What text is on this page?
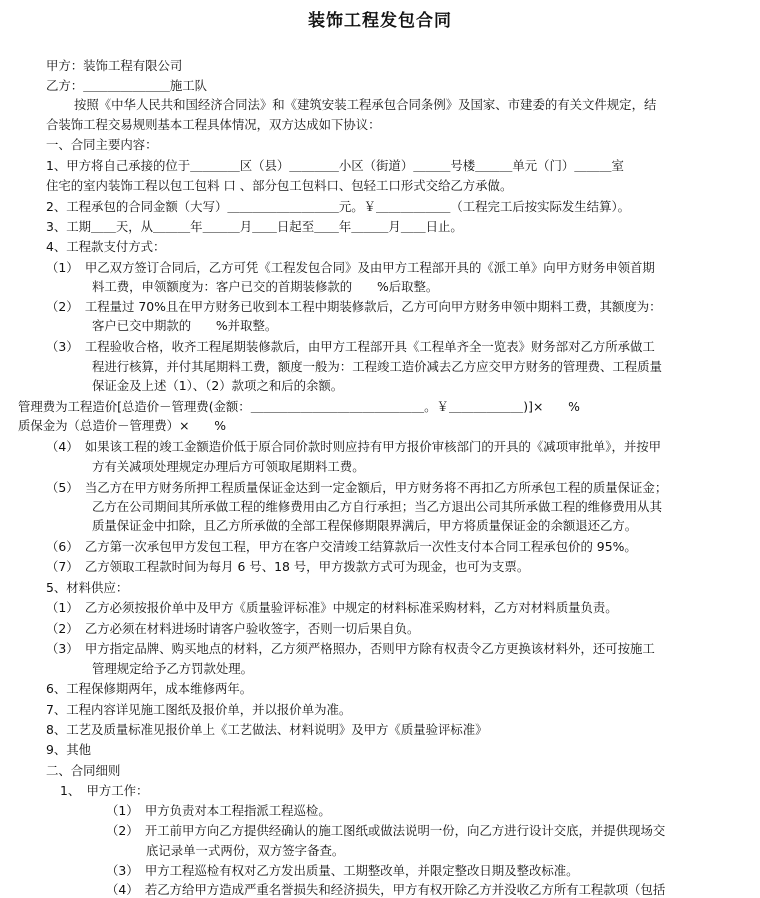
装饰工程发包合同
甲方：装饰工程有限公司
乙方：＿＿＿＿＿＿＿施工队
按照《中华人民共和国经济合同法》和《建筑安装工程承包合同条例》及国家、市建委的有关文件规定，结
合装饰工程交易规则基本工程具体情况，双方达成如下协议：
一、合同主要内容：
1、甲方将自己承接的位于＿＿＿＿区（县）＿＿＿＿小区（街道）＿＿＿号楼＿＿＿单元（门）＿＿＿室
住宅的室内装饰工程以包工包料 口 、部分包工包料口、包轻工口形式交给乙方承做。
2、工程承包的合同金额（大写）＿＿＿＿＿＿＿＿＿元。￥＿＿＿＿＿＿（工程完工后按实际发生结算）。
3、工期＿＿天，从＿＿＿年＿＿＿月＿＿日起至＿＿年＿＿＿月＿＿日止。
4、工程款支付方式：
（1）　甲乙双方签订合同后，乙方可凭《工程发包合同》及由甲方工程部开具的《派工单》向甲方财务申领首期
料工费，申领额度为：客户已交的首期装修款的　　%后取整。
（2）　工程量过 70%且在甲方财务已收到本工程中期装修款后，乙方可向甲方财务申领中期料工费，其额度为：
客户已交中期款的　　%并取整。
（3）　工程验收合格，收齐工程尾期装修款后，由甲方工程部开具《工程单齐全一览表》财务部对乙方所承做工
程进行核算，并付其尾期料工费，额度一般为：工程竣工造价减去乙方应交甲方财务的管理费、工程质量
保证金及上述（1）、（2）款项之和后的余额。
管理费为工程造价[总造价－管理费(金额：＿＿＿＿＿＿＿＿＿＿＿＿＿＿。￥＿＿＿＿＿＿)]×　　%
质保金为（总造价－管理费）×　　%
（4）　如果该工程的竣工金额造价低于原合同价款时则应持有甲方报价审核部门的开具的《减项审批单》，并按甲
方有关减项处理规定办理后方可领取尾期料工费。
（5）　当乙方在甲方财务所押工程质量保证金达到一定金额后，甲方财务将不再扣乙方所承包工程的质量保证金；
乙方在公司期间其所承做工程的维修费用由乙方自行承担；当乙方退出公司其所承做工程的维修费用从其
质量保证金中扣除，且乙方所承做的全部工程保修期限界满后，甲方将质量保证金的余额退还乙方。
（6）　乙方第一次承包甲方发包工程，甲方在客户交清竣工结算款后一次性支付本合同工程承包价的 95%。
（7）　乙方领取工程款时间为每月 6 号、18 号，甲方拨款方式可为现金，也可为支票。
5、材料供应：
（1）　乙方必须按报价单中及甲方《质量验评标准》中规定的材料标准采购材料，乙方对材料质量负责。
（2）　乙方必须在材料进场时请客户验收签字，否则一切后果自负。
（3）　甲方指定品牌、购买地点的材料，乙方须严格照办，否则甲方除有权责令乙方更换该材料外，还可按施工
管理规定给予乙方罚款处理。
6、工程保修期两年，成本维修两年。
7、工程内容详见施工图纸及报价单，并以报价单为准。
8、工艺及质量标准见报价单上《工艺做法、材料说明》及甲方《质量验评标准》
9、其他
二、合同细则
1、　甲方工作：
（1）　甲方负责对本工程指派工程巡检。
（2）　开工前甲方向乙方提供经确认的施工图纸或做法说明一份，向乙方进行设计交底，并提供现场交
底记录单一式两份，双方签字备查。
（3）　甲方工程巡检有权对乙方发出质量、工期整改单，并限定整改日期及整改标准。
（4）　若乙方给甲方造成严重名誉损失和经济损失，甲方有权开除乙方并没收乙方所有工程款项（包括
